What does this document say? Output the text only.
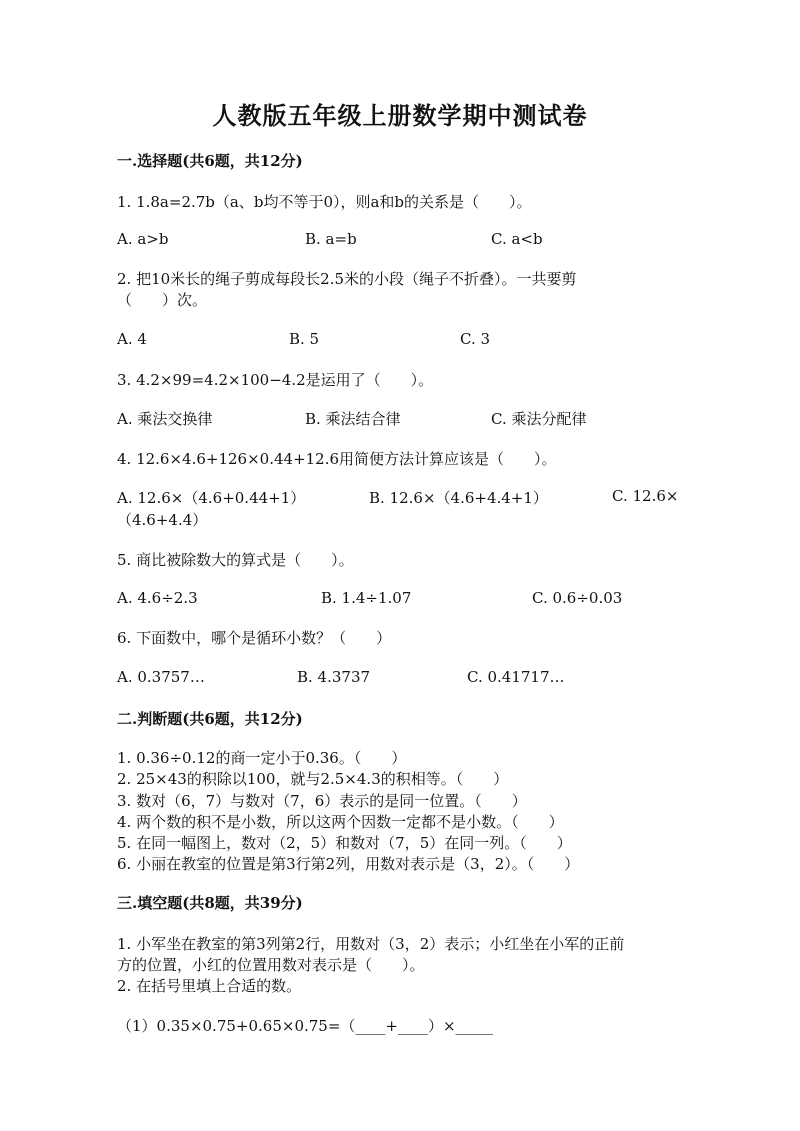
人教版五年级上册数学期中测试卷
一.选择题(共6题，共12分)
1. 1.8a=2.7b（a、b均不等于0），则a和b的关系是（　　）。
A. a>b	B. a=b	C. a<b
2. 把10米长的绳子剪成每段长2.5米的小段（绳子不折叠）。一共要剪
（　　）次。
A. 4	B. 5	C. 3
3. 4.2×99=4.2×100−4.2是运用了（　　）。
A. 乘法交换律	B. 乘法结合律	C. 乘法分配律
4. 12.6×4.6+126×0.44+12.6用简便方法计算应该是（　　）。
A. 12.6×（4.6+0.44+1）	B. 12.6×（4.6+4.4+1）	C. 12.6×
（4.6+4.4）
5. 商比被除数大的算式是（　　）。
A. 4.6÷2.3	B. 1.4÷1.07	C. 0.6÷0.03
6. 下面数中，哪个是循环小数？（　　）
A. 0.3757…	B. 4.3737	C. 0.41717…
二.判断题(共6题，共12分)
1. 0.36÷0.12的商一定小于0.36。（　　）
2. 25×43的积除以100，就与2.5×4.3的积相等。（　　）
3. 数对（6，7）与数对（7，6）表示的是同一位置。（　　）
4. 两个数的积不是小数，所以这两个因数一定都不是小数。（　　）
5. 在同一幅图上，数对（2，5）和数对（7，5）在同一列。（　　）
6. 小丽在教室的位置是第3行第2列，用数对表示是（3，2）。（　　）
三.填空题(共8题，共39分)
1. 小军坐在教室的第3列第2行，用数对（3，2）表示；小红坐在小军的正前
方的位置，小红的位置用数对表示是（　　）。
2. 在括号里填上合适的数。
（1）0.35×0.75+0.65×0.75=（____+____）×_____
